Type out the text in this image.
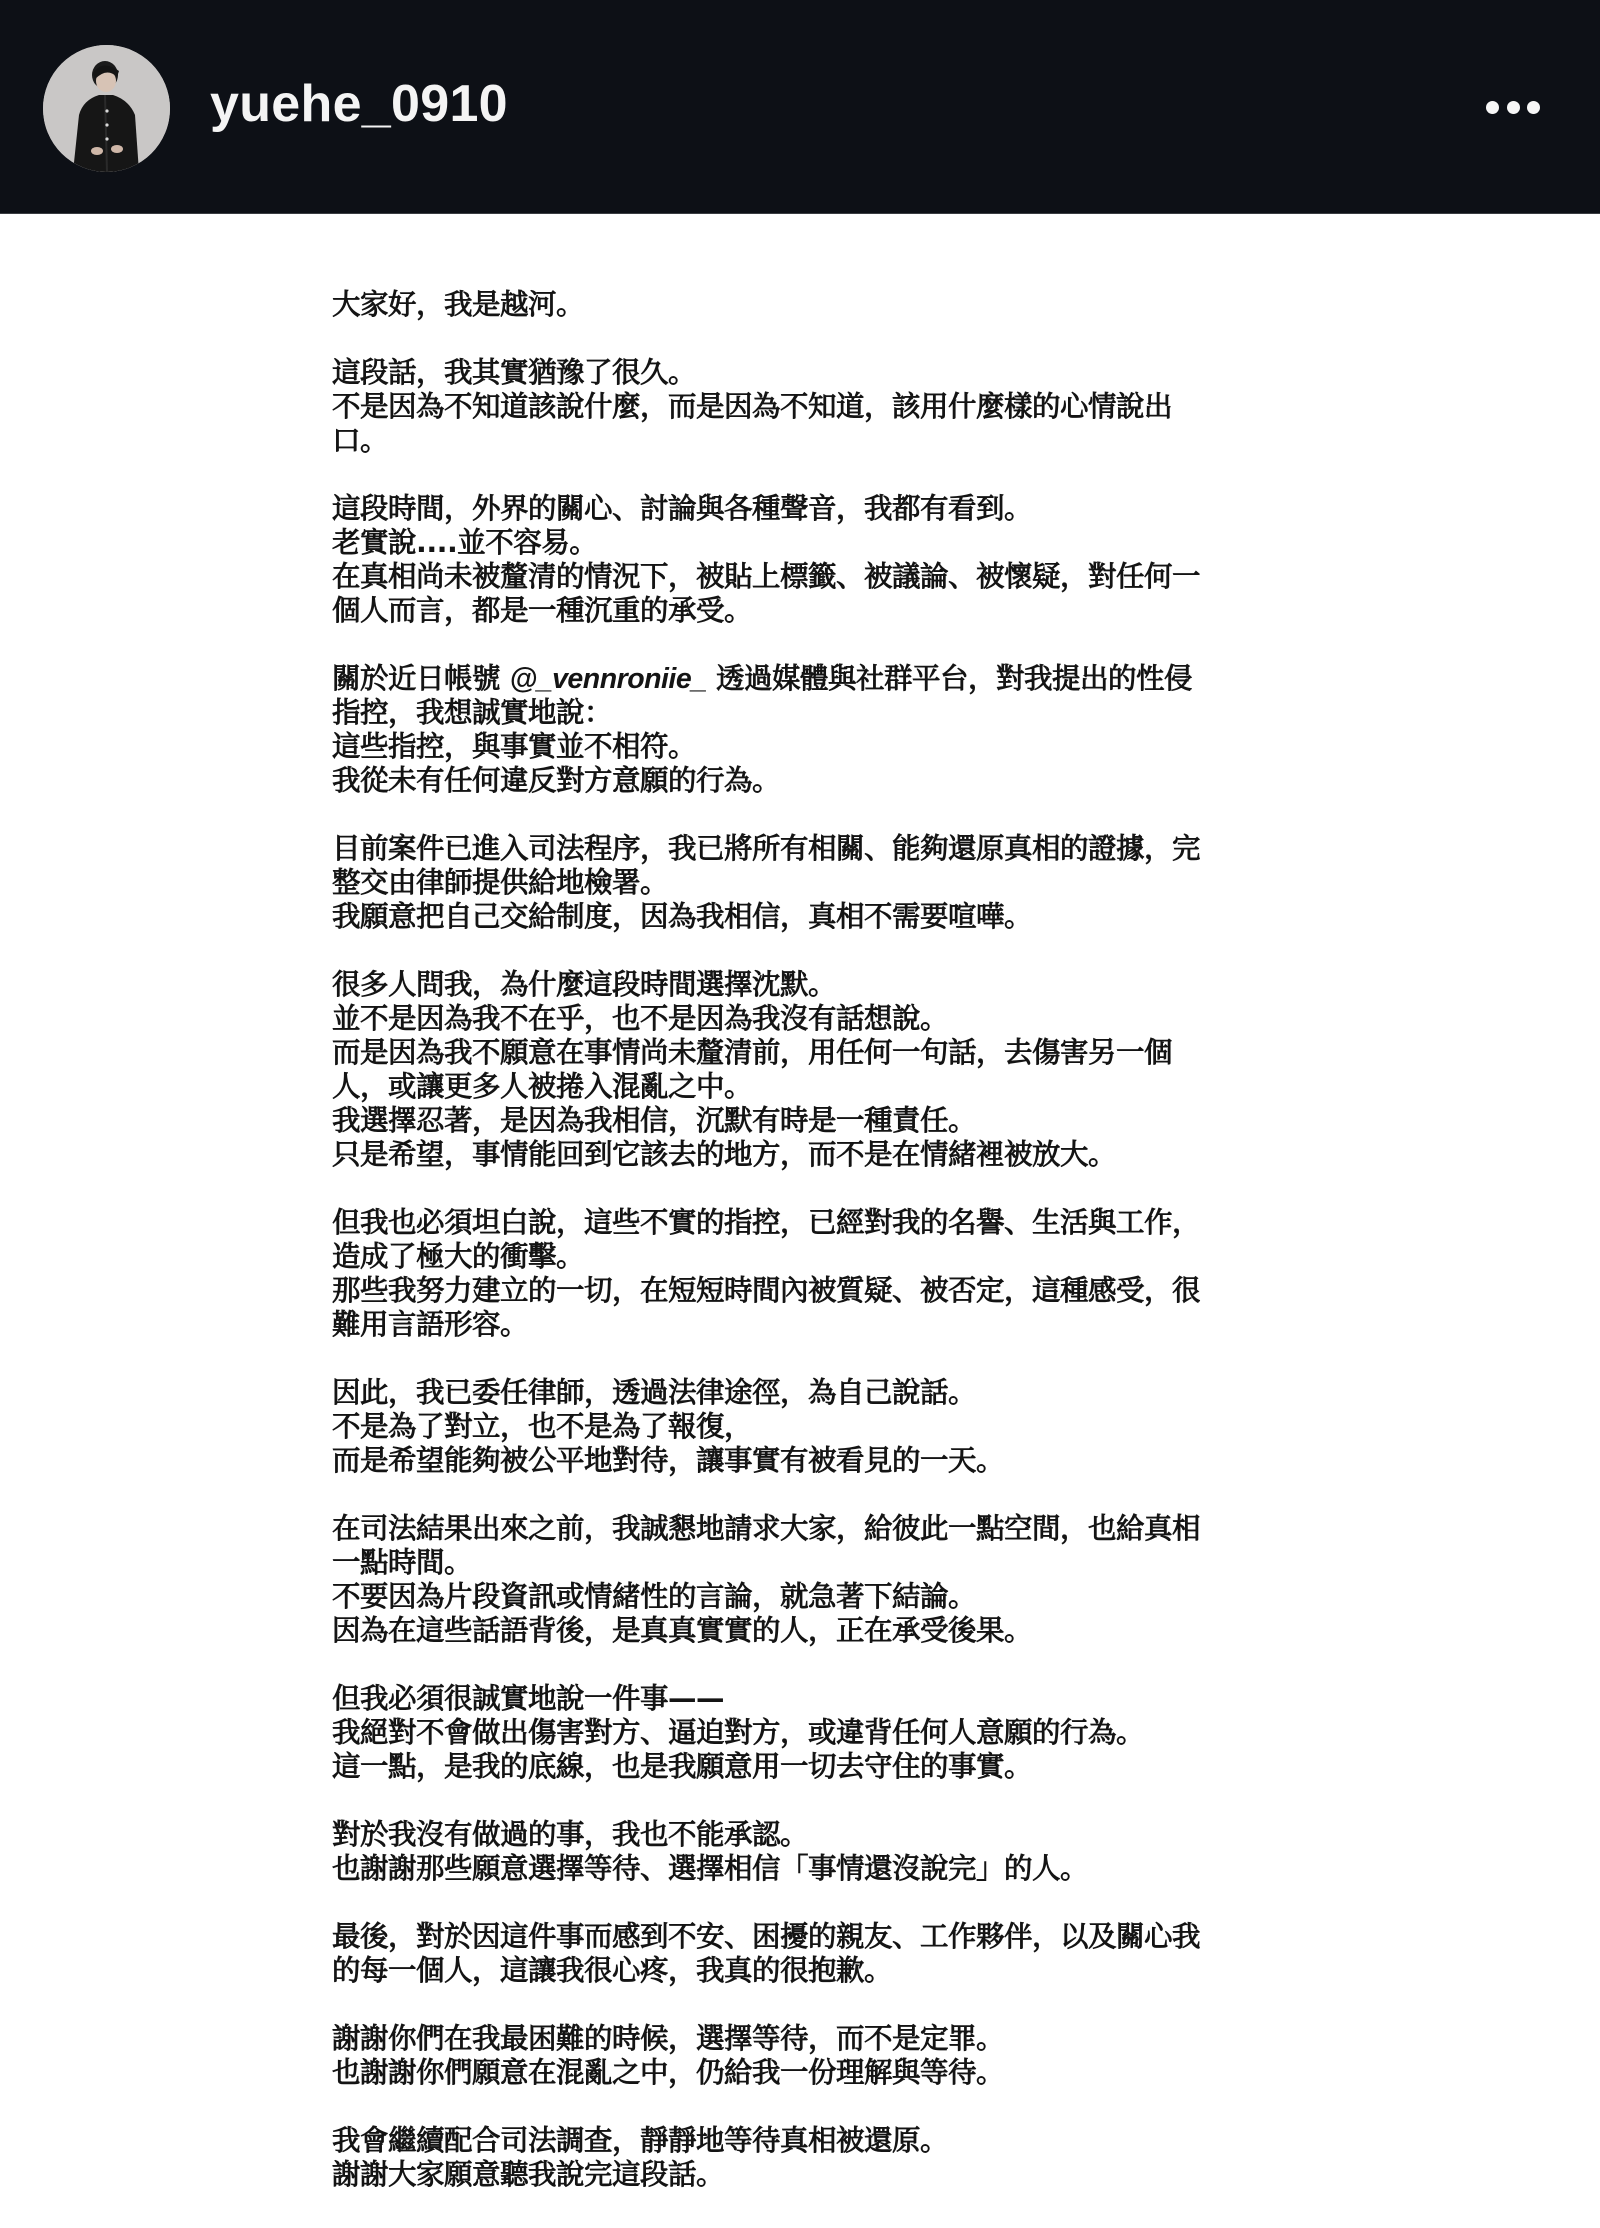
yuehe_0910
大家好，我是越河。
這段話，我其實猶豫了很久。
不是因為不知道該說什麼，而是因為不知道，該用什麼樣的心情說出
口。
這段時間，外界的關心、討論與各種聲音，我都有看到。
老實說....並不容易。
在真相尚未被釐清的情況下，被貼上標籤、被議論、被懷疑，對任何一
個人而言，都是一種沉重的承受。
關於近日帳號 @_vennroniie_ 透過媒體與社群平台，對我提出的性侵
指控，我想誠實地說：
這些指控，與事實並不相符。
我從未有任何違反對方意願的行為。
目前案件已進入司法程序，我已將所有相關、能夠還原真相的證據，完
整交由律師提供給地檢署。
我願意把自己交給制度，因為我相信，真相不需要喧嘩。
很多人問我，為什麼這段時間選擇沈默。
並不是因為我不在乎，也不是因為我沒有話想說。
而是因為我不願意在事情尚未釐清前，用任何一句話，去傷害另一個
人，或讓更多人被捲入混亂之中。
我選擇忍著，是因為我相信，沉默有時是一種責任。
只是希望，事情能回到它該去的地方，而不是在情緒裡被放大。
但我也必須坦白說，這些不實的指控，已經對我的名譽、生活與工作，
造成了極大的衝擊。
那些我努力建立的一切，在短短時間內被質疑、被否定，這種感受，很
難用言語形容。
因此，我已委任律師，透過法律途徑，為自己說話。
不是為了對立，也不是為了報復，
而是希望能夠被公平地對待，讓事實有被看見的一天。
在司法結果出來之前，我誠懇地請求大家，給彼此一點空間，也給真相
一點時間。
不要因為片段資訊或情緒性的言論，就急著下結論。
因為在這些話語背後，是真真實實的人，正在承受後果。
但我必須很誠實地說一件事——
我絕對不會做出傷害對方、逼迫對方，或違背任何人意願的行為。
這一點，是我的底線，也是我願意用一切去守住的事實。
對於我沒有做過的事，我也不能承認。
也謝謝那些願意選擇等待、選擇相信「事情還沒說完」的人。
最後，對於因這件事而感到不安、困擾的親友、工作夥伴，以及關心我
的每一個人，這讓我很心疼，我真的很抱歉。
謝謝你們在我最困難的時候，選擇等待，而不是定罪。
也謝謝你們願意在混亂之中，仍給我一份理解與等待。
我會繼續配合司法調查，靜靜地等待真相被還原。
謝謝大家願意聽我說完這段話。
